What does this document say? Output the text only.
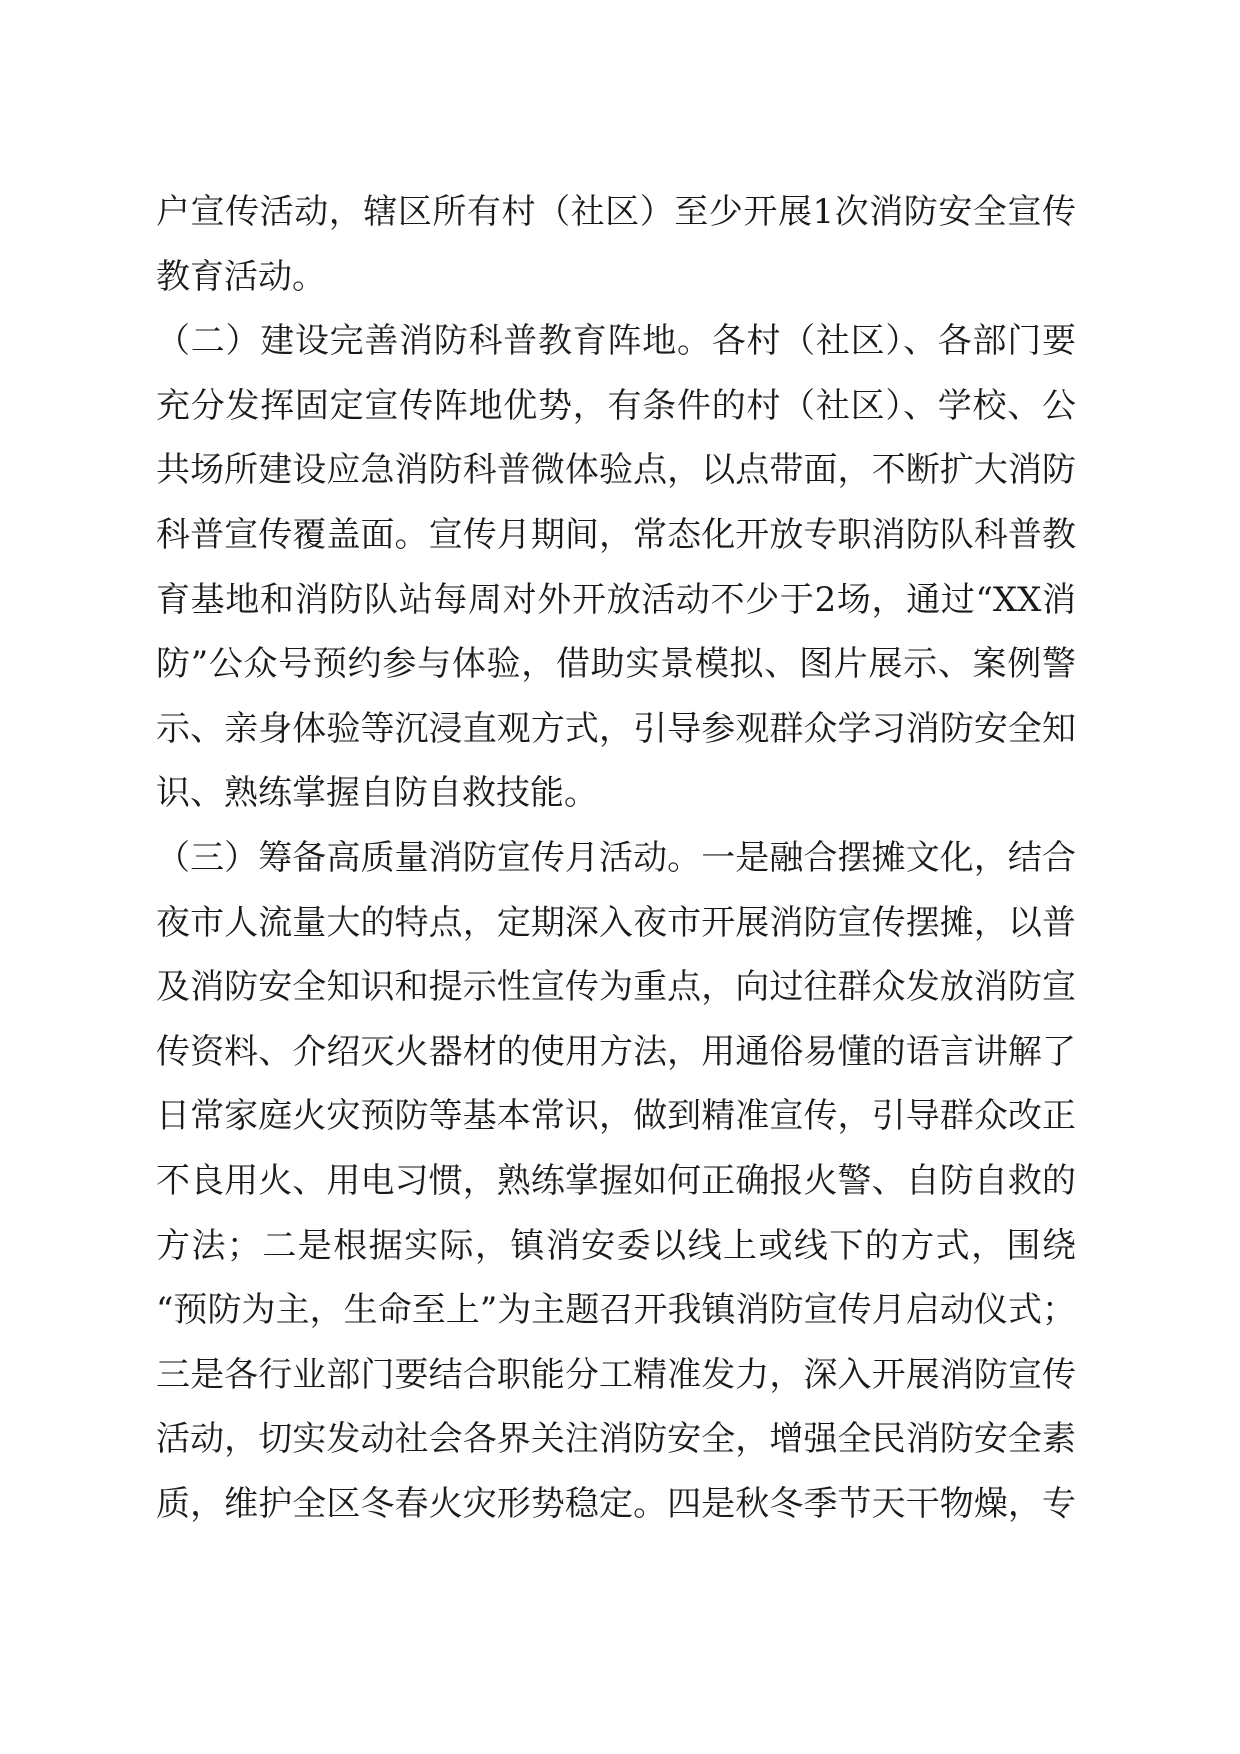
户宣传活动，辖区所有村（社区）至少开展1次消防安全宣传
教育活动。
（二）建设完善消防科普教育阵地。各村（社区）、各部门要
充分发挥固定宣传阵地优势，有条件的村（社区）、学校、公
共场所建设应急消防科普微体验点，以点带面，不断扩大消防
科普宣传覆盖面。宣传月期间，常态化开放专职消防队科普教
育基地和消防队站每周对外开放活动不少于2场，通过“XX消
防”公众号预约参与体验，借助实景模拟、图片展示、案例警
示、亲身体验等沉浸直观方式，引导参观群众学习消防安全知
识、熟练掌握自防自救技能。
（三）筹备高质量消防宣传月活动。一是融合摆摊文化，结合
夜市人流量大的特点，定期深入夜市开展消防宣传摆摊，以普
及消防安全知识和提示性宣传为重点，向过往群众发放消防宣
传资料、介绍灭火器材的使用方法，用通俗易懂的语言讲解了
日常家庭火灾预防等基本常识，做到精准宣传，引导群众改正
不良用火、用电习惯，熟练掌握如何正确报火警、自防自救的
方法；二是根据实际，镇消安委以线上或线下的方式，围绕
“预防为主，生命至上”为主题召开我镇消防宣传月启动仪式；
三是各行业部门要结合职能分工精准发力，深入开展消防宣传
活动，切实发动社会各界关注消防安全，增强全民消防安全素
质，维护全区冬春火灾形势稳定。四是秋冬季节天干物燥，专
